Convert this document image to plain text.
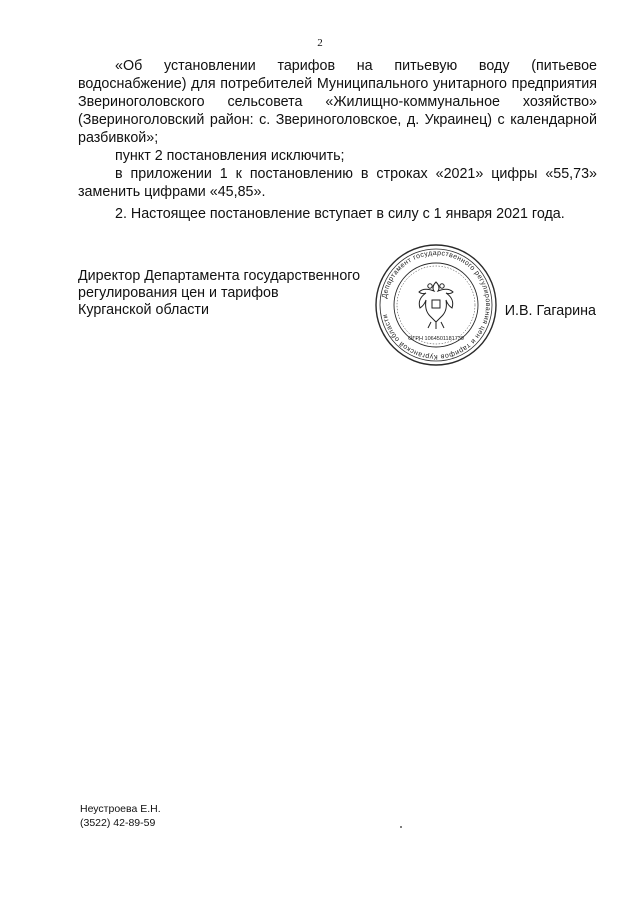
2

«Об установлении тарифов на питьевую воду (питьевое водоснабжение) для потребителей Муниципального унитарного предприятия Звериноголовского сельсовета «Жилищно-коммунальное хозяйство» (Звериноголовский район: с. Звериноголовское, д. Украинец) с календарной разбивкой»;

пункт 2 постановления исключить;

в приложении 1 к постановлению в строках «2021» цифры «55,73» заменить цифрами «45,85».

2. Настоящее постановление вступает в силу с 1 января 2021 года.

Директор Департамента государственного
регулирования цен и тарифов
Курганской области
Департамент государственного регулирования цен и тарифов Курганской области
ОГРН 1064501181739
И.В. Гагарина
Неустроева Е.Н.
(3522) 42-89-59
